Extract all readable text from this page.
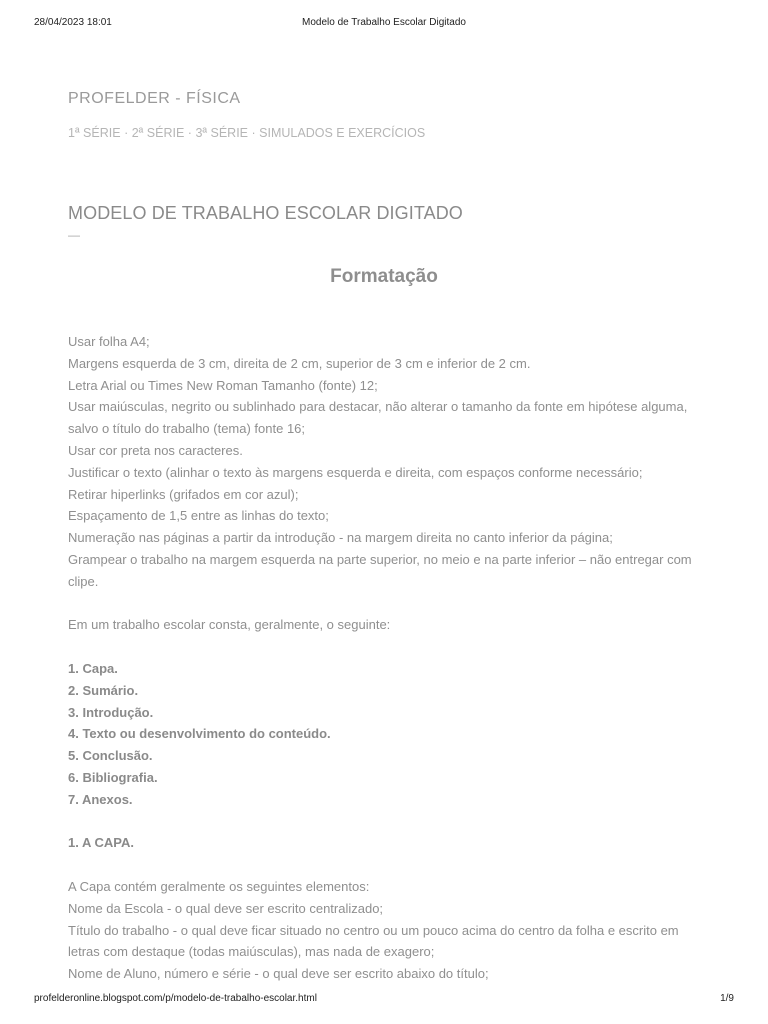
28/04/2023 18:01	Modelo de Trabalho Escolar Digitado
PROFELDER - FÍSICA
1ª SÉRIE · 2ª SÉRIE · 3ª SÉRIE · SIMULADOS E EXERCÍCIOS
MODELO DE TRABALHO ESCOLAR DIGITADO
—
Formatação

Usar folha A4;

Margens esquerda de 3 cm, direita de 2 cm, superior de 3 cm e inferior de 2 cm.

Letra Arial ou Times New Roman Tamanho (fonte) 12;

Usar maiúsculas, negrito ou sublinhado para destacar, não alterar o tamanho da fonte em hipótese alguma,

salvo o título do trabalho (tema) fonte 16;

Usar cor preta nos caracteres.

Justificar o texto (alinhar o texto às margens esquerda e direita, com espaços conforme necessário;

Retirar hiperlinks (grifados em cor azul);

Espaçamento de 1,5 entre as linhas do texto;

Numeração nas páginas a partir da introdução - na margem direita no canto inferior da página;

Grampear o trabalho na margem esquerda na parte superior, no meio e na parte inferior – não entregar com

clipe.

Em um trabalho escolar consta, geralmente, o seguinte:

1. Capa.

2. Sumário.

3. Introdução.

4. Texto ou desenvolvimento do conteúdo.

5. Conclusão.

6. Bibliografia.

7. Anexos.

1. A CAPA.

A Capa contém geralmente os seguintes elementos:

Nome da Escola - o qual deve ser escrito centralizado;

Título do trabalho - o qual deve ficar situado no centro ou um pouco acima do centro da folha e escrito em

letras com destaque (todas maiúsculas), mas nada de exagero;

Nome de Aluno, número e série - o qual deve ser escrito abaixo do título;

profelderonline.blogspot.com/p/modelo-de-trabalho-escolar.html	1/9
